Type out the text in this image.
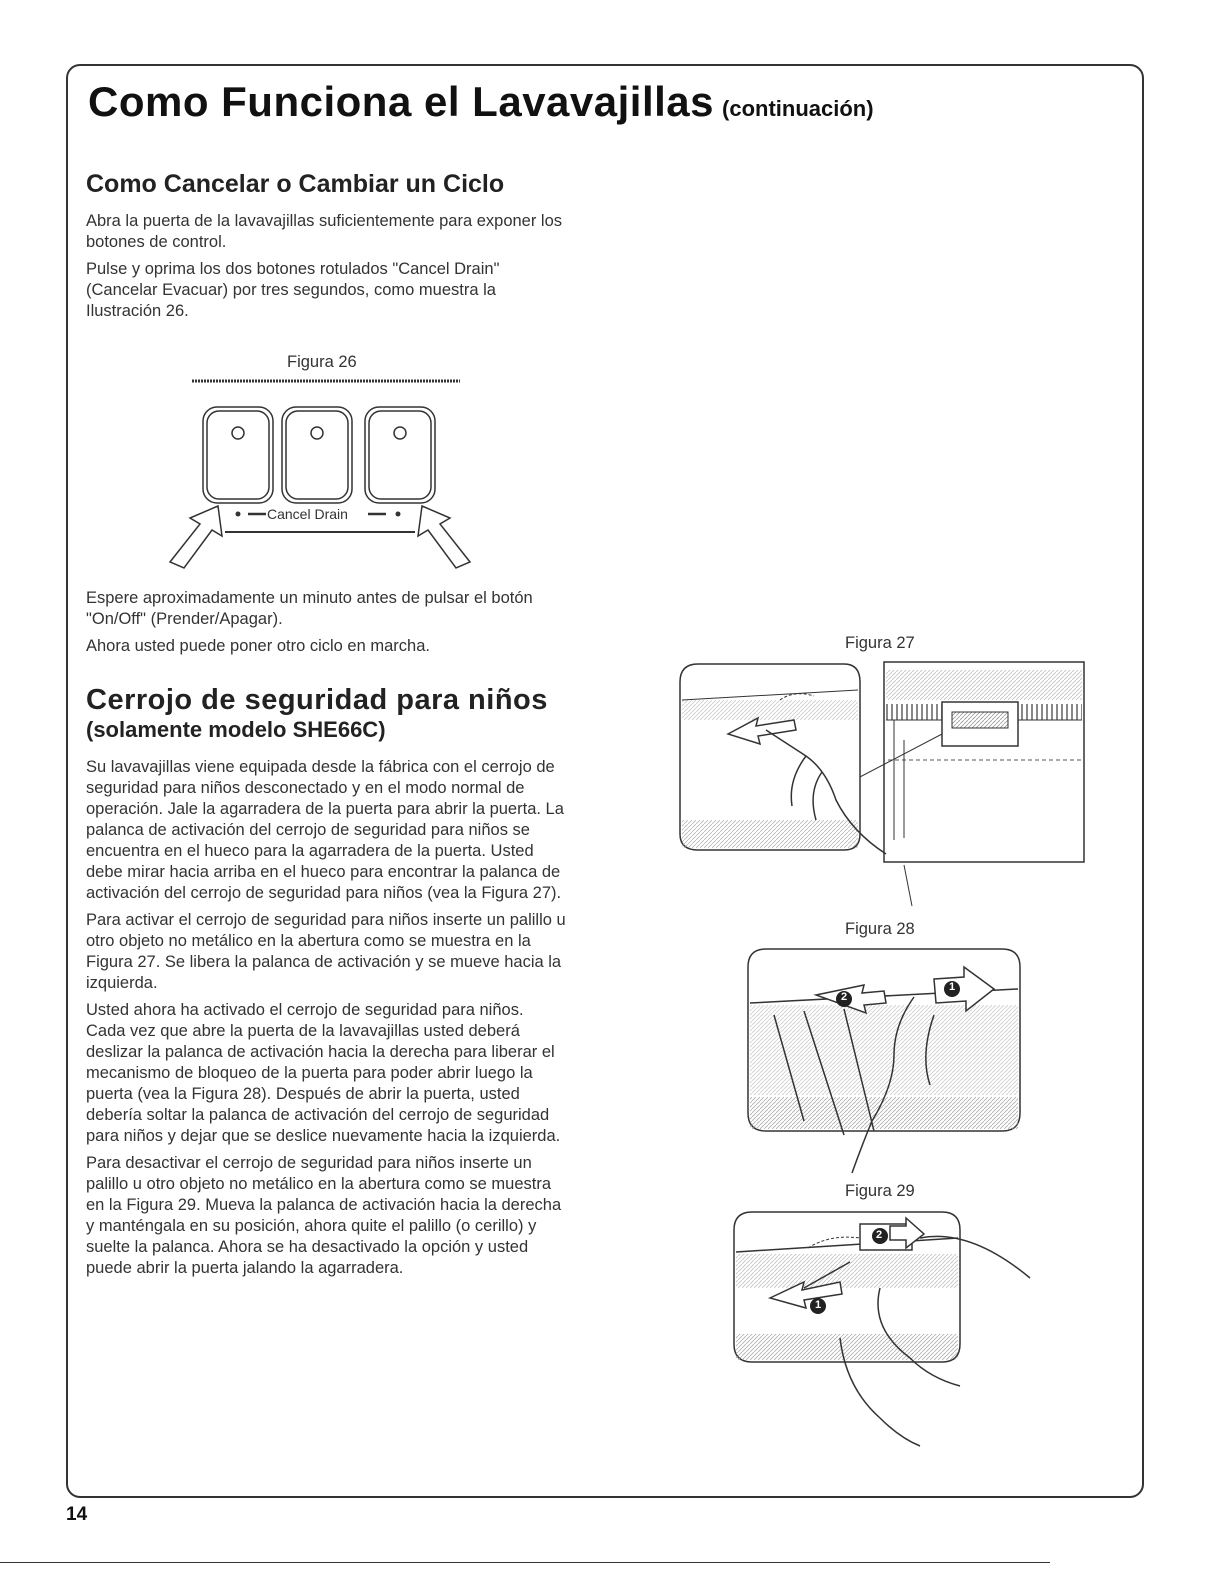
Como Funciona el Lavavajillas (continuación)
Como Cancelar o Cambiar un Ciclo

Abra la puerta de la lavavajillas suficientemente para exponer los botones de control.

Pulse y oprima los dos botones rotulados "Cancel Drain" (Cancelar Evacuar) por tres segundos, como muestra la Ilustración 26.

Figura 26
Cancel Drain

Espere aproximadamente un minuto antes de pulsar el botón "On/Off" (Prender/Apagar).

Ahora usted puede poner otro ciclo en marcha.

Cerrojo de seguridad para niños
(solamente modelo SHE66C)

Su lavavajillas viene equipada desde la fábrica con el cerrojo de seguridad para niños desconectado y en el modo normal de operación. Jale la agarradera de la puerta para abrir la puerta. La palanca de activación del cerrojo de seguridad para niños se encuentra en el hueco para la agarradera de la puerta. Usted debe mirar hacia arriba en el hueco para encontrar la palanca de activación del cerrojo de seguridad para niños (vea la Figura 27).

Para activar el cerrojo de seguridad para niños inserte un palillo u otro objeto no metálico en la abertura como se muestra en la Figura 27. Se libera la palanca de activación y se mueve hacia la izquierda.

Usted ahora ha activado el cerrojo de seguridad para niños. Cada vez que abre la puerta de la lavavajillas usted deberá deslizar la palanca de activación hacia la derecha para liberar el mecanismo de bloqueo de la puerta para poder abrir luego la puerta (vea la Figura 28). Después de abrir la puerta, usted debería soltar la palanca de activación del cerrojo de seguridad para niños y dejar que se deslice nuevamente hacia la izquierda.

Para desactivar el cerrojo de seguridad para niños inserte un palillo u otro objeto no metálico en la abertura como se muestra en la Figura 29. Mueva la palanca de activación hacia la derecha y manténgala en su posición, ahora quite el palillo (o cerillo) y suelte la palanca. Ahora se ha desactivado la opción y usted puede abrir la puerta jalando la agarradera.

Figura 27
Figura 28
2
1
Figura 29
2
1
14
